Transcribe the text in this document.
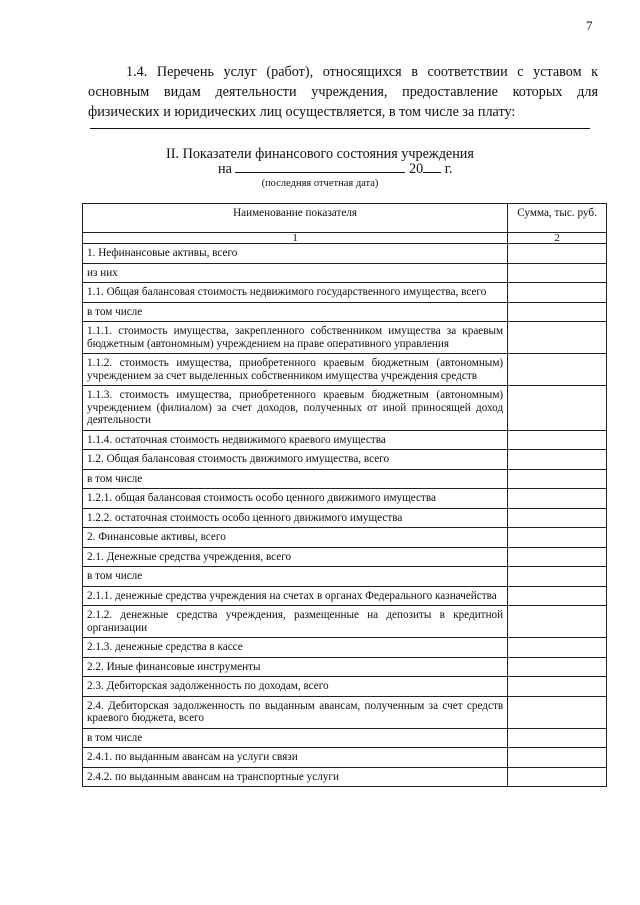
7

1.4. Перечень услуг (работ), относящихся в соответствии с уставом к основным видам деятельности учреждения, предоставление которых для физических и юридических лиц осуществляется, в том числе за плату:

II. Показатели финансового состояния учреждения
на	20 г.
(последняя отчетная дата)
Наименование показателя	Сумма, тыс. руб.
1	2
1. Нефинансовые активы, всего	
из них	
1.1. Общая балансовая стоимость недвижимого государственного имущества, всего	
в том числе	
1.1.1. стоимость имущества, закрепленного собственником имущества за краевым бюджетным (автономным) учреждением на праве оперативного управления	
1.1.2. стоимость имущества, приобретенного краевым бюджетным (автономным) учреждением за счет выделенных собственником имущества учреждения средств	
1.1.3. стоимость имущества, приобретенного краевым бюджетным (автономным) учреждением (филиалом) за счет доходов, полученных от иной приносящей доход деятельности	
1.1.4. остаточная стоимость недвижимого краевого имущества	
1.2. Общая балансовая стоимость движимого имущества, всего	
в том числе	
1.2.1. общая балансовая стоимость особо ценного движимого имущества	
1.2.2. остаточная стоимость особо ценного движимого имущества	
2. Финансовые активы, всего	
2.1. Денежные средства учреждения, всего	
в том числе	
2.1.1. денежные средства учреждения на счетах в органах Федерального казначейства	
2.1.2. денежные средства учреждения, размещенные на депозиты в кредитной организации	
2.1.3. денежные средства в кассе	
2.2. Иные финансовые инструменты	
2.3. Дебиторская задолженность по доходам, всего	
2.4. Дебиторская задолженность по выданным авансам, полученным за счет средств краевого бюджета, всего	
в том числе	
2.4.1. по выданным авансам на услуги связи	
2.4.2. по выданным авансам на транспортные услуги	
